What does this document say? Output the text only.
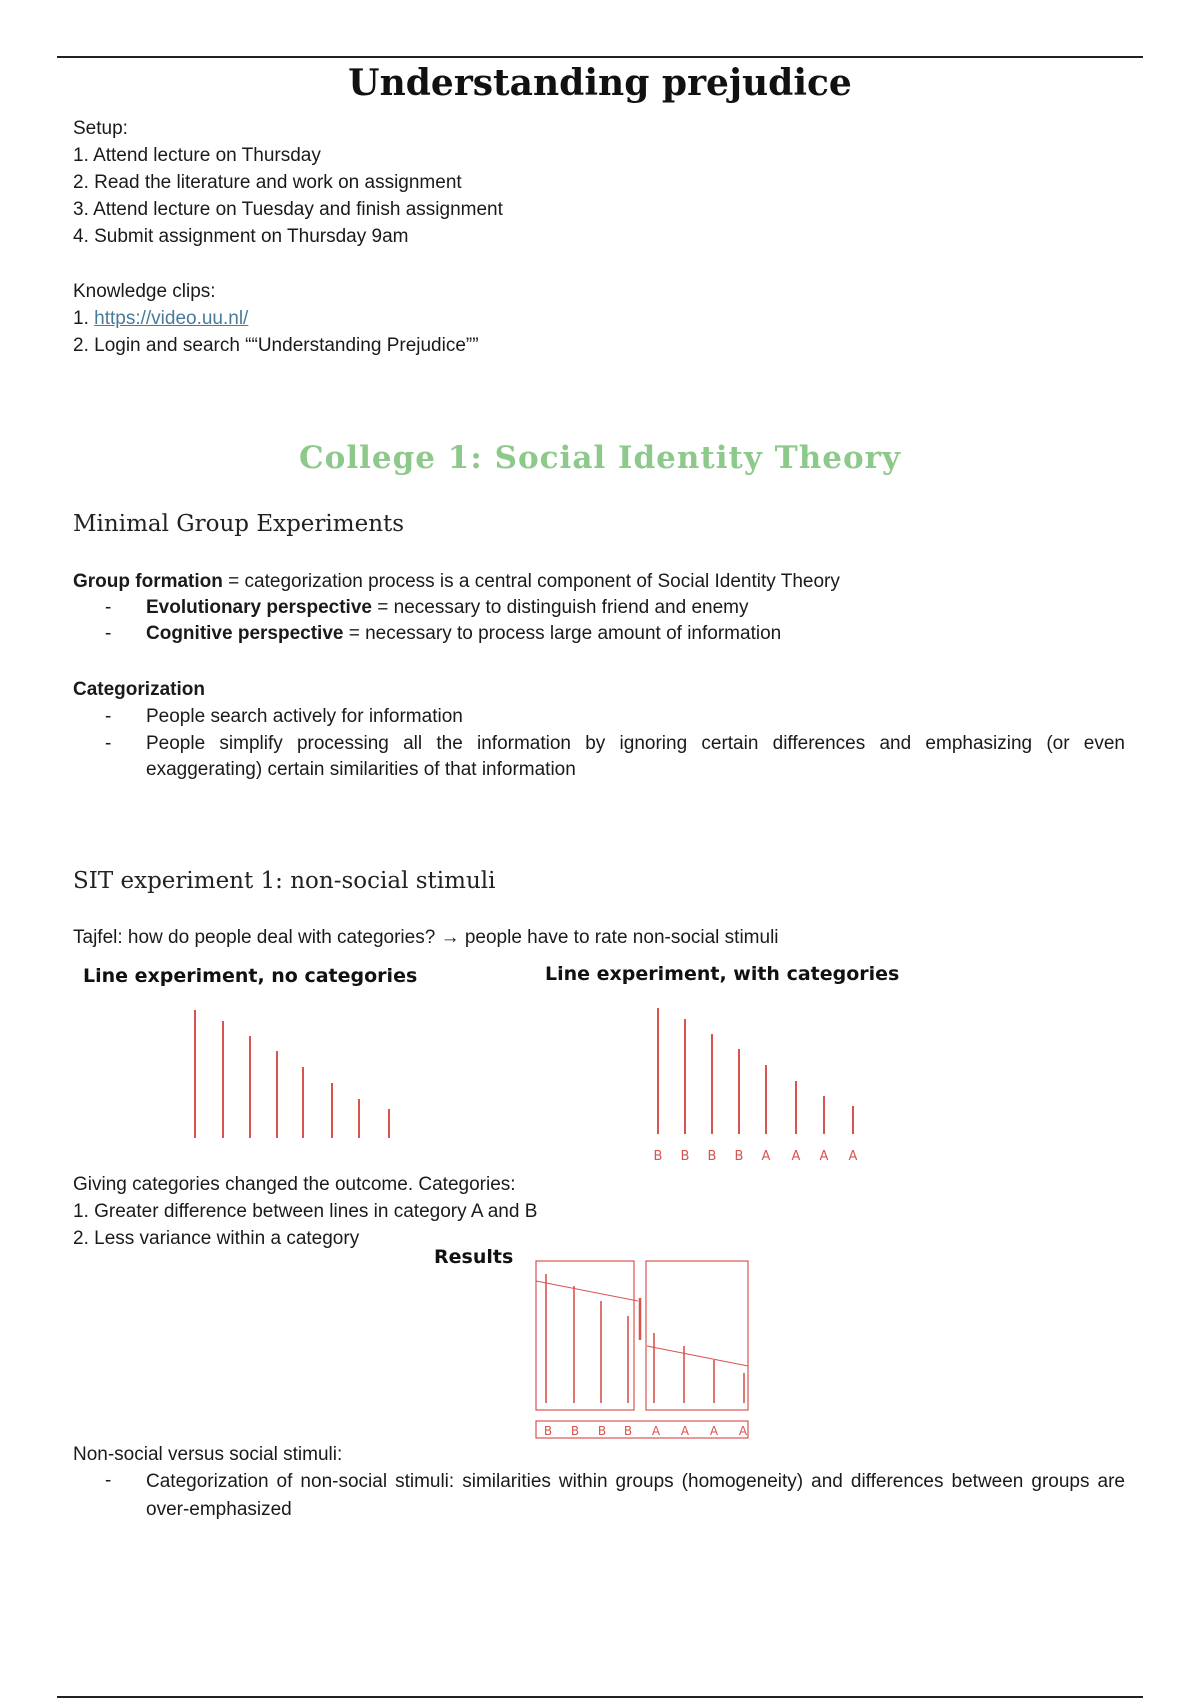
Understanding prejudice

Setup:

1. Attend lecture on Thursday

2. Read the literature and work on assignment

3. Attend lecture on Tuesday and finish assignment

4. Submit assignment on Thursday 9am

Knowledge clips:

1. https://video.uu.nl/

2. Login and search ““Understanding Prejudice””

College 1: Social Identity Theory
Minimal Group Experiments
Group formation = categorization process is a central component of Social Identity Theory
- Evolutionary perspective = necessary to distinguish friend and enemy
- Cognitive perspective = necessary to process large amount of information
Categorization
- People search actively for information
- People simplify processing all the information by ignoring certain differences and emphasizing (or even exaggerating) certain similarities of that information
SIT experiment 1: non-social stimuli
Tajfel: how do people deal with categories? → people have to rate non-social stimuli
Line experiment, no categories	Line experiment, with categories
B B B B A A A A

Giving categories changed the outcome. Categories:

1. Greater difference between lines in category A and B

2. Less variance within a category

Results
B B B B A A A A
Non-social versus social stimuli:
- Categorization of non-social stimuli: similarities within groups (homogeneity) and differences between groups are over-emphasized
